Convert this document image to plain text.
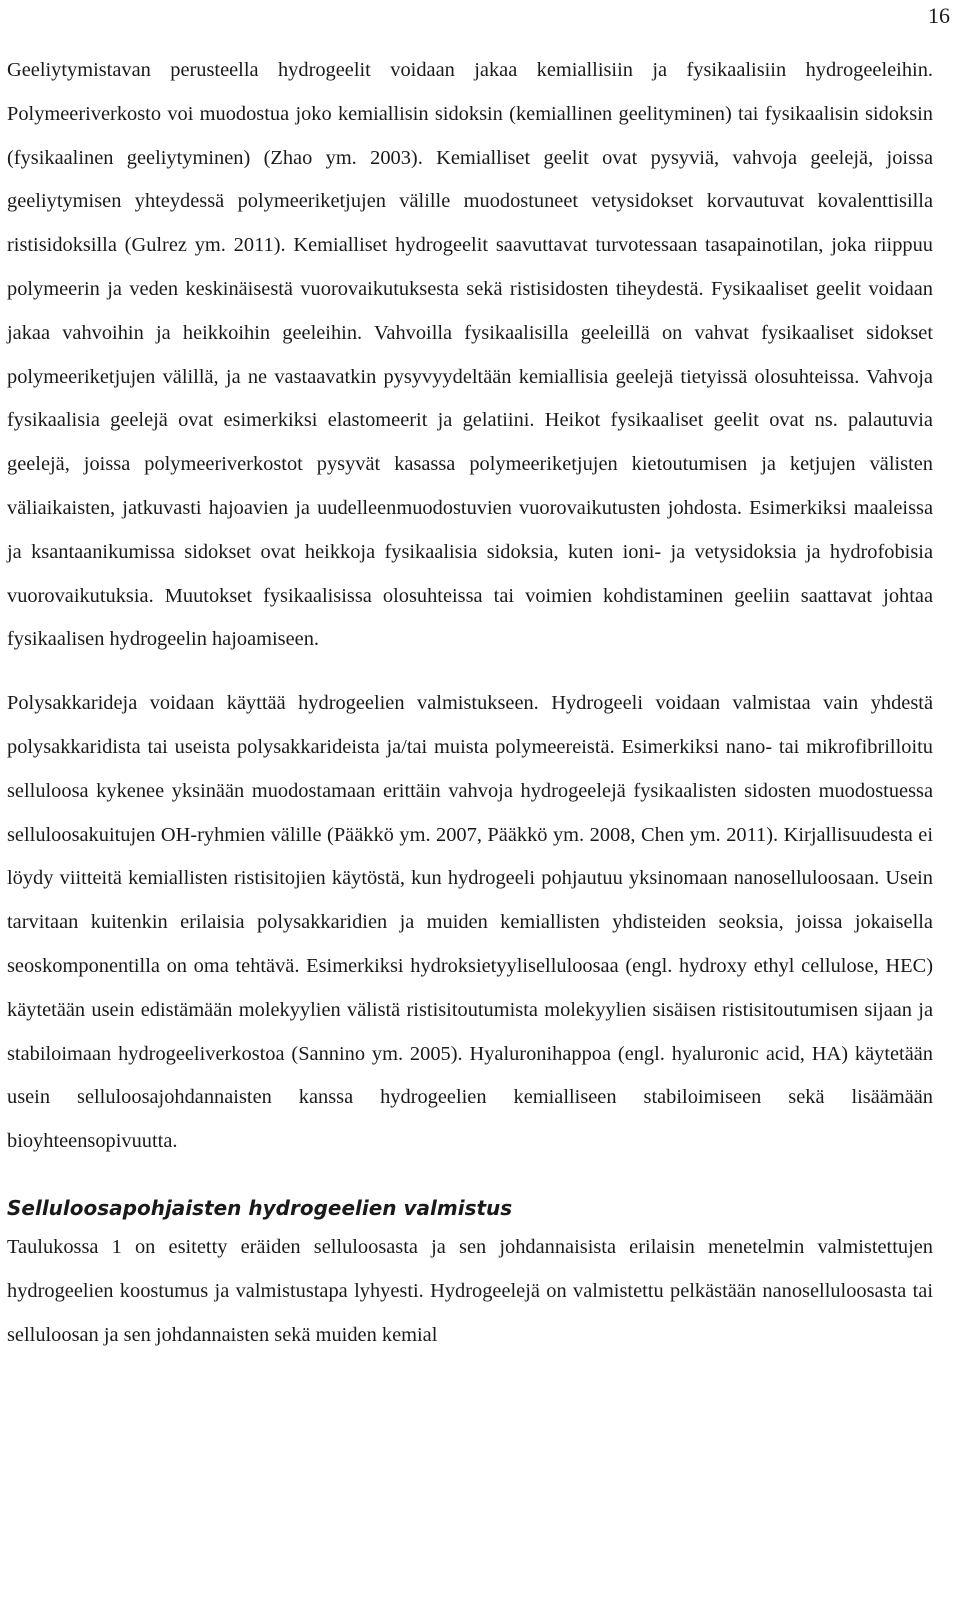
16

Geeliytymistavan perusteella hydrogeelit voidaan jakaa kemiallisiin ja fysikaalisiin hydrogeeleihin. Polymeeriverkosto voi muodostua joko kemiallisin sidoksin (kemiallinen geelityminen) tai fysikaalisin sidoksin (fysikaalinen geeliytyminen) (Zhao ym. 2003). Kemialliset geelit ovat pysyviä, vahvoja geelejä, joissa geeliytymisen yhteydessä polymeeriketjujen välille muodostuneet vetysidokset korvautuvat kovalenttisilla ristisidoksilla (Gulrez ym. 2011). Kemialliset hydrogeelit saavuttavat turvotessaan tasapainotilan, joka riippuu polymeerin ja veden keskinäisestä vuorovaikutuksesta sekä ristisidosten tiheydestä. Fysikaaliset geelit voidaan jakaa vahvoihin ja heikkoihin geeleihin. Vahvoilla fysikaalisilla geeleillä on vahvat fysikaaliset sidokset polymeeriketjujen välillä, ja ne vastaavatkin pysyvyydeltään kemiallisia geelejä tietyissä olosuhteissa. Vahvoja fysikaalisia geelejä ovat esimerkiksi elastomeerit ja gelatiini. Heikot fysikaaliset geelit ovat ns. palautuvia geelejä, joissa polymeeriverkostot pysyvät kasassa polymeeriketjujen kietoutumisen ja ketjujen välisten väliaikaisten, jatkuvasti hajoavien ja uudelleenmuodostuvien vuorovaikutusten johdosta. Esimerkiksi maaleissa ja ksantaanikumissa sidokset ovat heikkoja fysikaalisia sidoksia, kuten ioni- ja vetysidoksia ja hydrofobisia vuorovaikutuksia. Muutokset fysikaalisissa olosuhteissa tai voimien kohdistaminen geeliin saattavat johtaa fysikaalisen hydrogeelin hajoamiseen.

Polysakkarideja voidaan käyttää hydrogeelien valmistukseen. Hydrogeeli voidaan valmistaa vain yhdestä polysakkaridista tai useista polysakkarideista ja/tai muista polymeereistä. Esimerkiksi nano- tai mikrofibrilloitu selluloosa kykenee yksinään muodostamaan erittäin vahvoja hydrogeelejä fysikaalisten sidosten muodostuessa selluloosakuitujen OH-ryhmien välille (Pääkkö ym. 2007, Pääkkö ym. 2008, Chen ym. 2011). Kirjallisuudesta ei löydy viitteitä kemiallisten ristisitojien käytöstä, kun hydrogeeli pohjautuu yksinomaan nanoselluloosaan. Usein tarvitaan kuitenkin erilaisia polysakkaridien ja muiden kemiallisten yhdisteiden seoksia, joissa jokaisella seoskomponentilla on oma tehtävä. Esimerkiksi hydroksietyyliselluloosaa (engl. hydroxy ethyl cellulose, HEC) käytetään usein edistämään molekyylien välistä ristisitoutumista molekyylien sisäisen ristisitoutumisen sijaan ja stabiloimaan hydrogeeliverkostoa (Sannino ym. 2005). Hyaluronihappoa (engl. hyaluronic acid, HA) käytetään usein selluloosajohdannaisten kanssa hydrogeelien kemialliseen stabiloimiseen sekä lisäämään bioyhteensopivuutta.

Selluloosapohjaisten hydrogeelien valmistus

Taulukossa 1 on esitetty eräiden selluloosasta ja sen johdannaisista erilaisin menetelmin valmistettujen hydrogeelien koostumus ja valmistustapa lyhyesti. Hydrogeelejä on valmistettu pelkästään nanoselluloosasta tai selluloosan ja sen johdannaisten sekä muiden kemial
